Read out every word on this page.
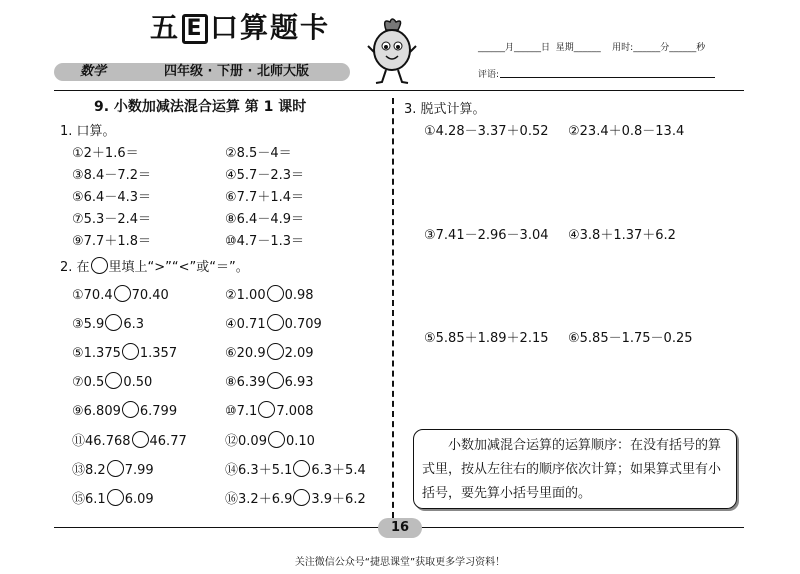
五 E 口算题卡
数学	四年级 · 下册 · 北师大版
______月______日  星期______    用时:______分______秒
评语:
9. 小数加减法混合运算 第 1 课时
1. 口算。
①2＋1.6＝	②8.5－4＝
③8.4－7.2＝	④5.7－2.3＝
⑤6.4－4.3＝	⑥7.7＋1.4＝
⑦5.3－2.4＝	⑧6.4－4.9＝
⑨7.7＋1.8＝	⑩4.7－1.3＝
2. 在 里填上“>”“<”或“＝”。
①70.4 70.40	②1.00 0.98
③5.9 6.3	④0.71 0.709
⑤1.375 1.357	⑥20.9 2.09
⑦0.5 0.50	⑧6.39 6.93
⑨6.809 6.799	⑩7.1 7.008
⑪46.768 46.77	⑫0.09 0.10
⑬8.2 7.99	⑭6.3＋5.1 6.3＋5.4
⑮6.1 6.09	⑯3.2＋6.9 3.9＋6.2
3. 脱式计算。
①4.28－3.37＋0.52 ②23.4＋0.8－13.4
③7.41－2.96－3.04 ④3.8＋1.37＋6.2
⑤5.85＋1.89＋2.15 ⑥5.85－1.75－0.25
小数加减混合运算的运算顺序：在没有括号的算式里，按从左往右的顺序依次计算；如果算式里有小括号，要先算小括号里面的。
16
关注微信公众号“捷思课堂”获取更多学习资料！
